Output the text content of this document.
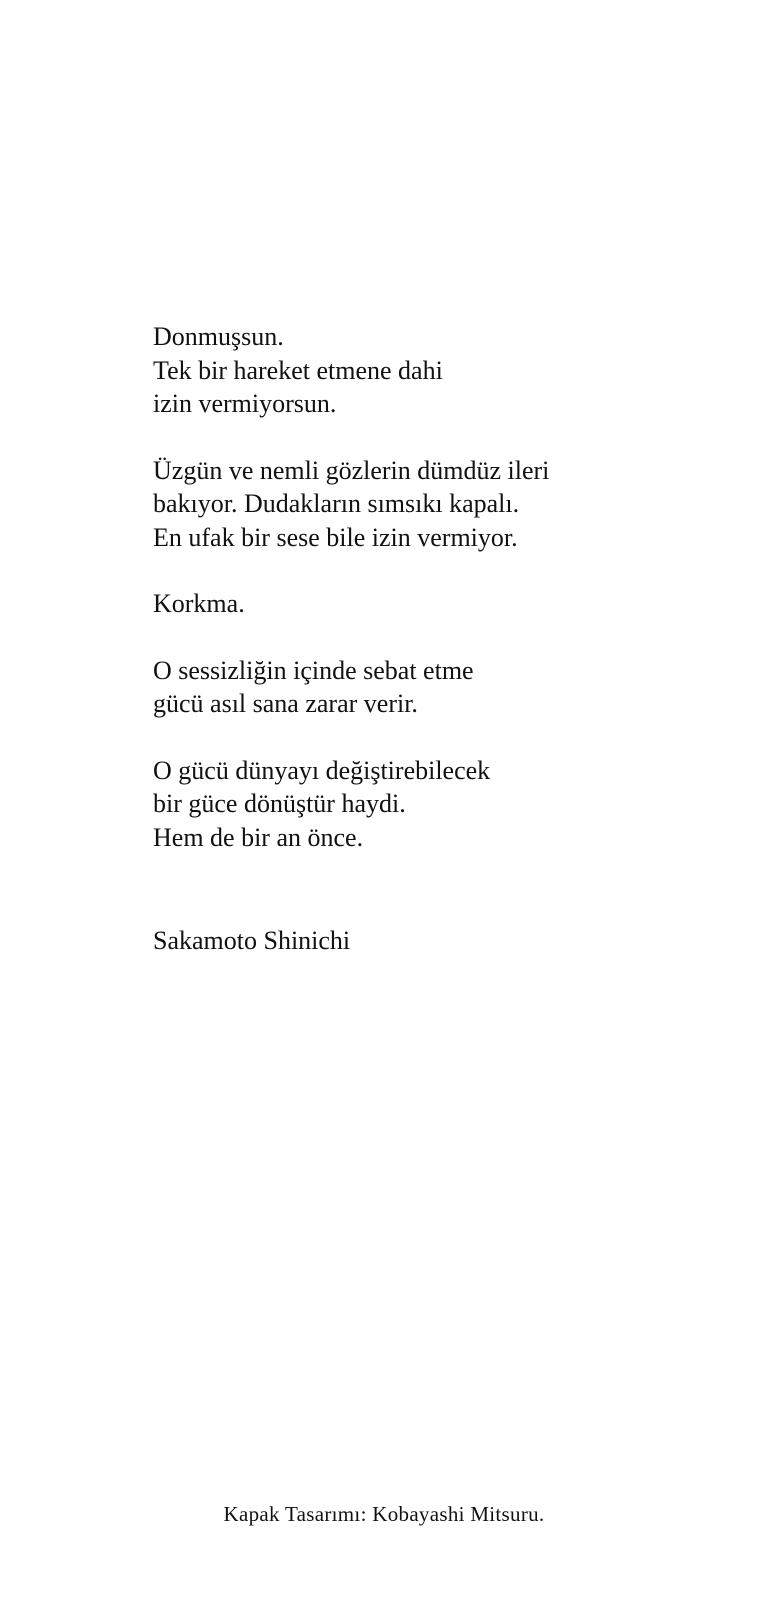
Donmuşsun.
Tek bir hareket etmene dahi
izin vermiyorsun.
Üzgün ve nemli gözlerin dümdüz ileri
bakıyor. Dudakların sımsıkı kapalı.
En ufak bir sese bile izin vermiyor.
Korkma.
O sessizliğin içinde sebat etme
gücü asıl sana zarar verir.
O gücü dünyayı değiştirebilecek
bir güce dönüştür haydi.
Hem de bir an önce.
Sakamoto Shinichi
Kapak Tasarımı: Kobayashi Mitsuru.
